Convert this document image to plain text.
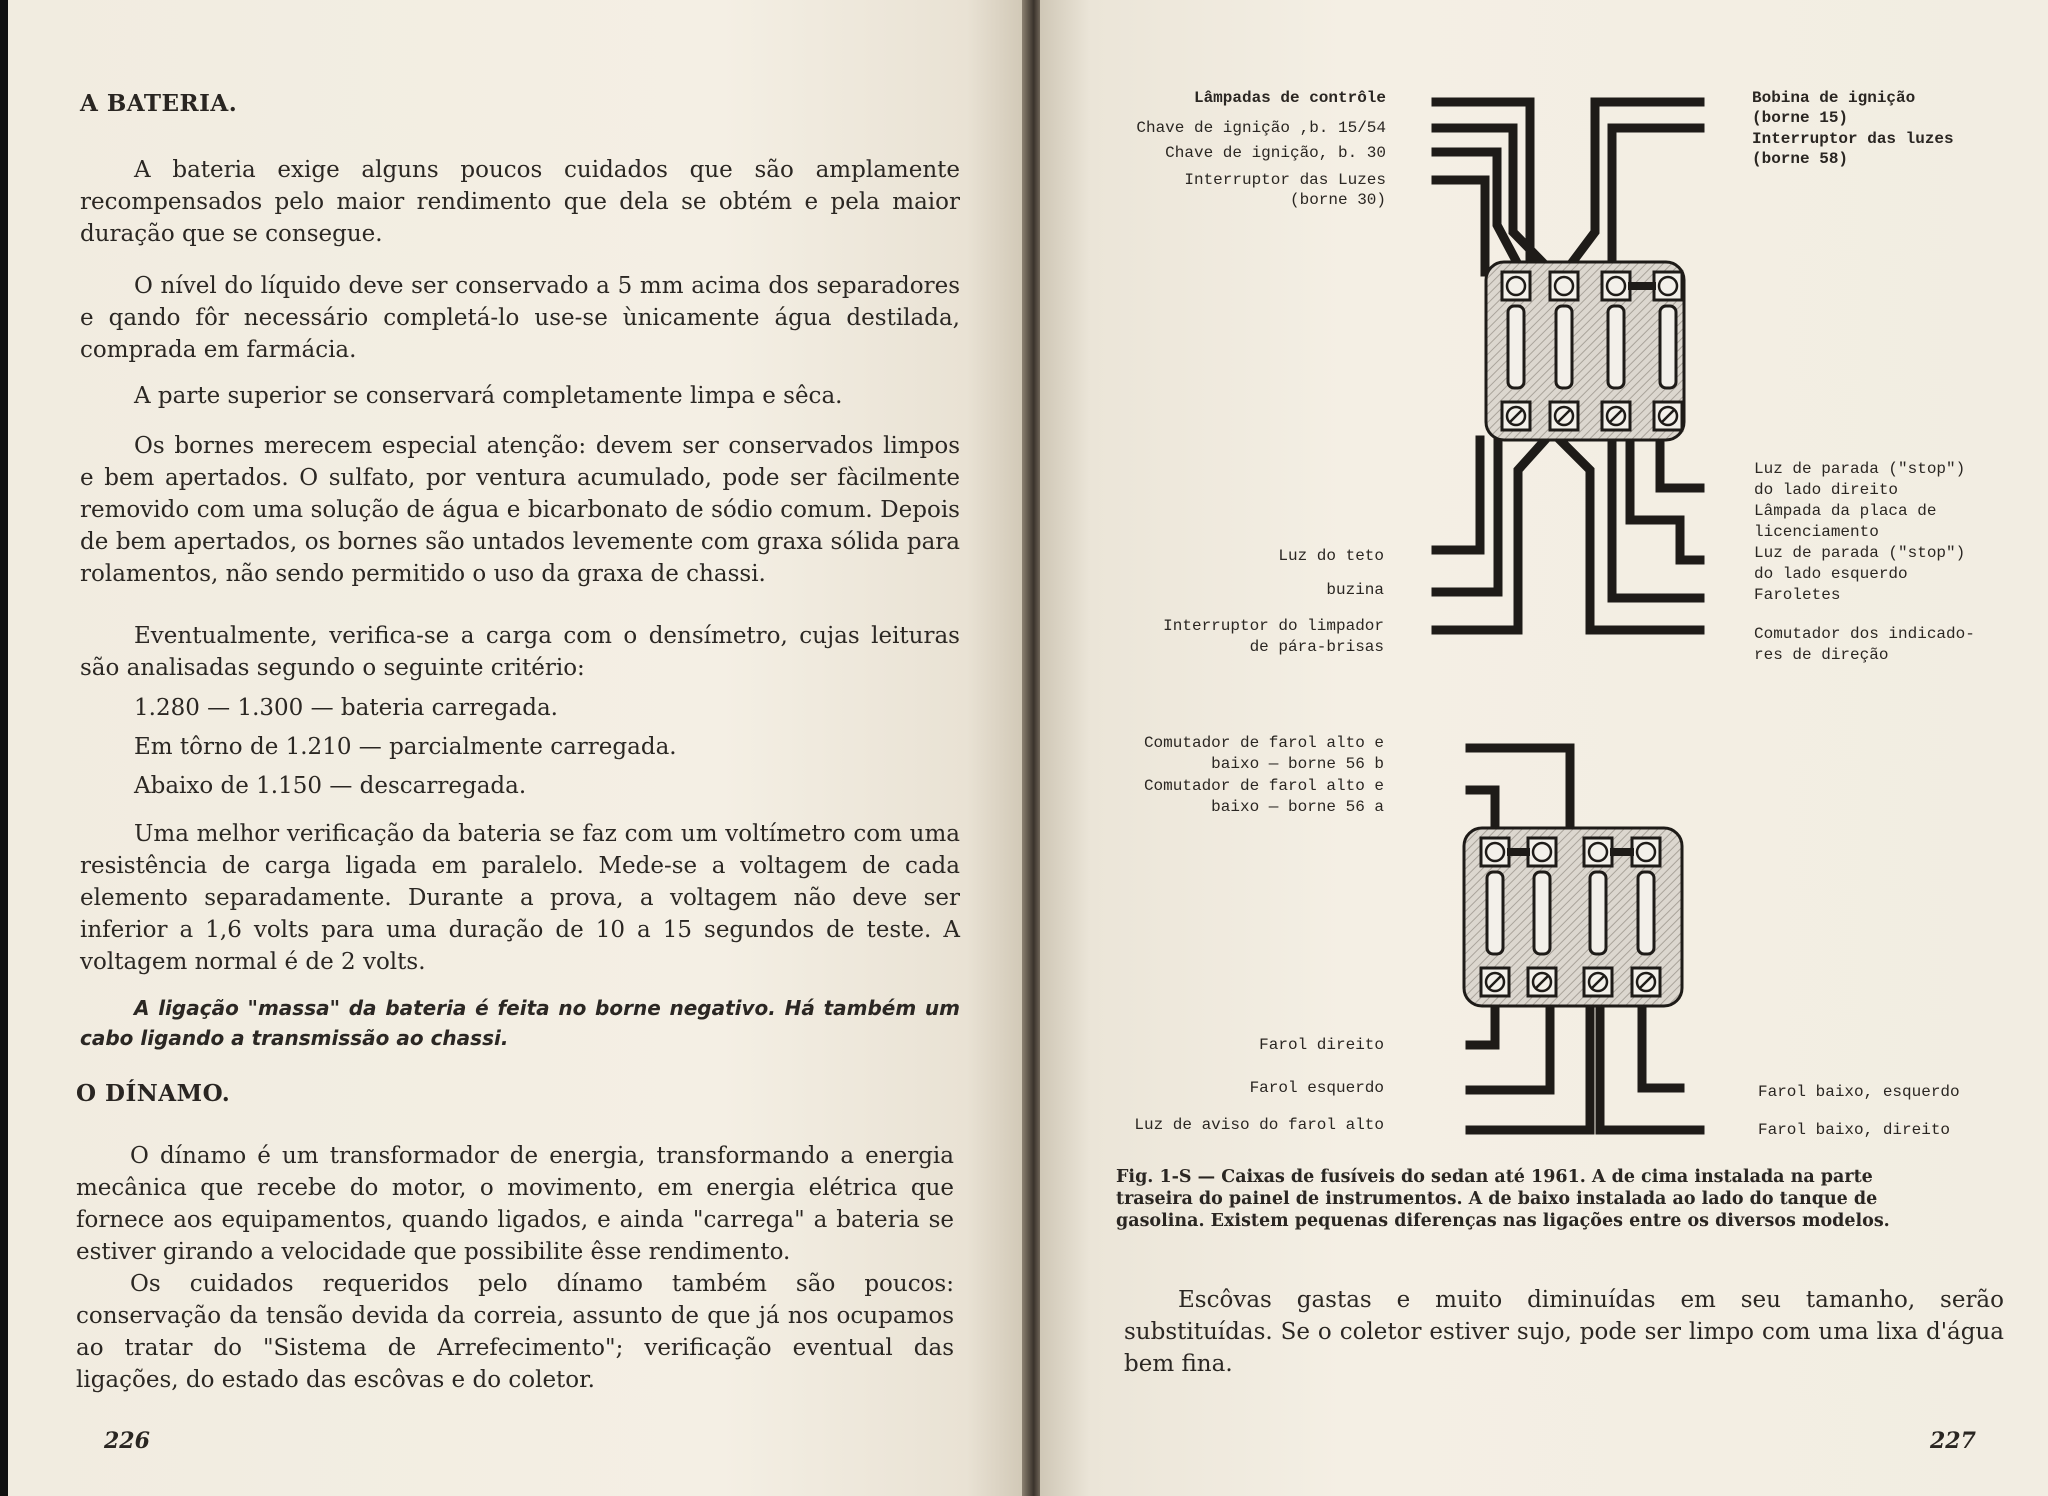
A BATERIA.

A bateria exige alguns poucos cuidados que são amplamente recompensados pelo maior rendimento que dela se obtém e pela maior duração que se consegue.

O nível do líquido deve ser conservado a 5 mm acima dos separadores e qando fôr necessário completá-lo use-se ùnicamente água destilada, comprada em farmácia.

A parte superior se conservará completamente limpa e sêca.

Os bornes merecem especial atenção: devem ser conservados limpos e bem apertados. O sulfato, por ventura acumulado, pode ser fàcilmente removido com uma solução de água e bicarbonato de sódio comum. Depois de bem apertados, os bornes são untados levemente com graxa sólida para rolamentos, não sendo permitido o uso da graxa de chassi.

Eventualmente, verifica-se a carga com o densímetro, cujas leituras são analisadas segundo o seguinte critério:

1.280 — 1.300 — bateria carregada.

Em tôrno de 1.210 — parcialmente carregada.

Abaixo de 1.150 — descarregada.

Uma melhor verificação da bateria se faz com um voltímetro com uma resistência de carga ligada em paralelo. Mede-se a voltagem de cada elemento separadamente. Durante a prova, a voltagem não deve ser inferior a 1,6 volts para uma duração de 10 a 15 segundos de teste. A voltagem normal é de 2 volts.

A ligação "massa" da bateria é feita no borne negativo. Há também um cabo ligando a transmissão ao chassi.

O DÍNAMO.

O dínamo é um transformador de energia, transformando a energia mecânica que recebe do motor, o movimento, em energia elétrica que fornece aos equipamentos, quando ligados, e ainda "carrega" a bateria se estiver girando a velocidade que possibilite êsse rendimento.

Os cuidados requeridos pelo dínamo também são poucos: conservação da tensão devida da correia, assunto de que já nos ocupamos ao tratar do "Sistema de Arrefecimento"; verificação eventual das ligações, do estado das escôvas e do coletor.

226	227

Escôvas gastas e muito diminuídas em seu tamanho, serão substituídas. Se o coletor estiver sujo, pode ser limpo com uma lixa d'água bem fina.

Lâmpadas de contrôle
Chave de ignição ,b. 15/54
Chave de ignição, b. 30
Interruptor das Luzes
(borne 30)
Bobina de ignição
(borne 15)
Interruptor das luzes
(borne 58)
Luz do teto
buzina
Interruptor do limpador
de pára-brisas
Luz de parada ("stop")
do lado direito
Lâmpada da placa de
licenciamento
Luz de parada ("stop")
do lado esquerdo
Faroletes
Comutador dos indicado-
res de direção
Comutador de farol alto e
baixo — borne 56 b
Comutador de farol alto e
baixo — borne 56 a
Farol direito
Farol esquerdo
Luz de aviso do farol alto
Farol baixo, esquerdo
Farol baixo, direito

Fig. 1-S — Caixas de fusíveis do sedan até 1961. A de cima instalada na parte traseira do painel de instrumentos. A de baixo instalada ao lado do tanque de gasolina. Existem pequenas diferenças nas ligações entre os diversos modelos.
